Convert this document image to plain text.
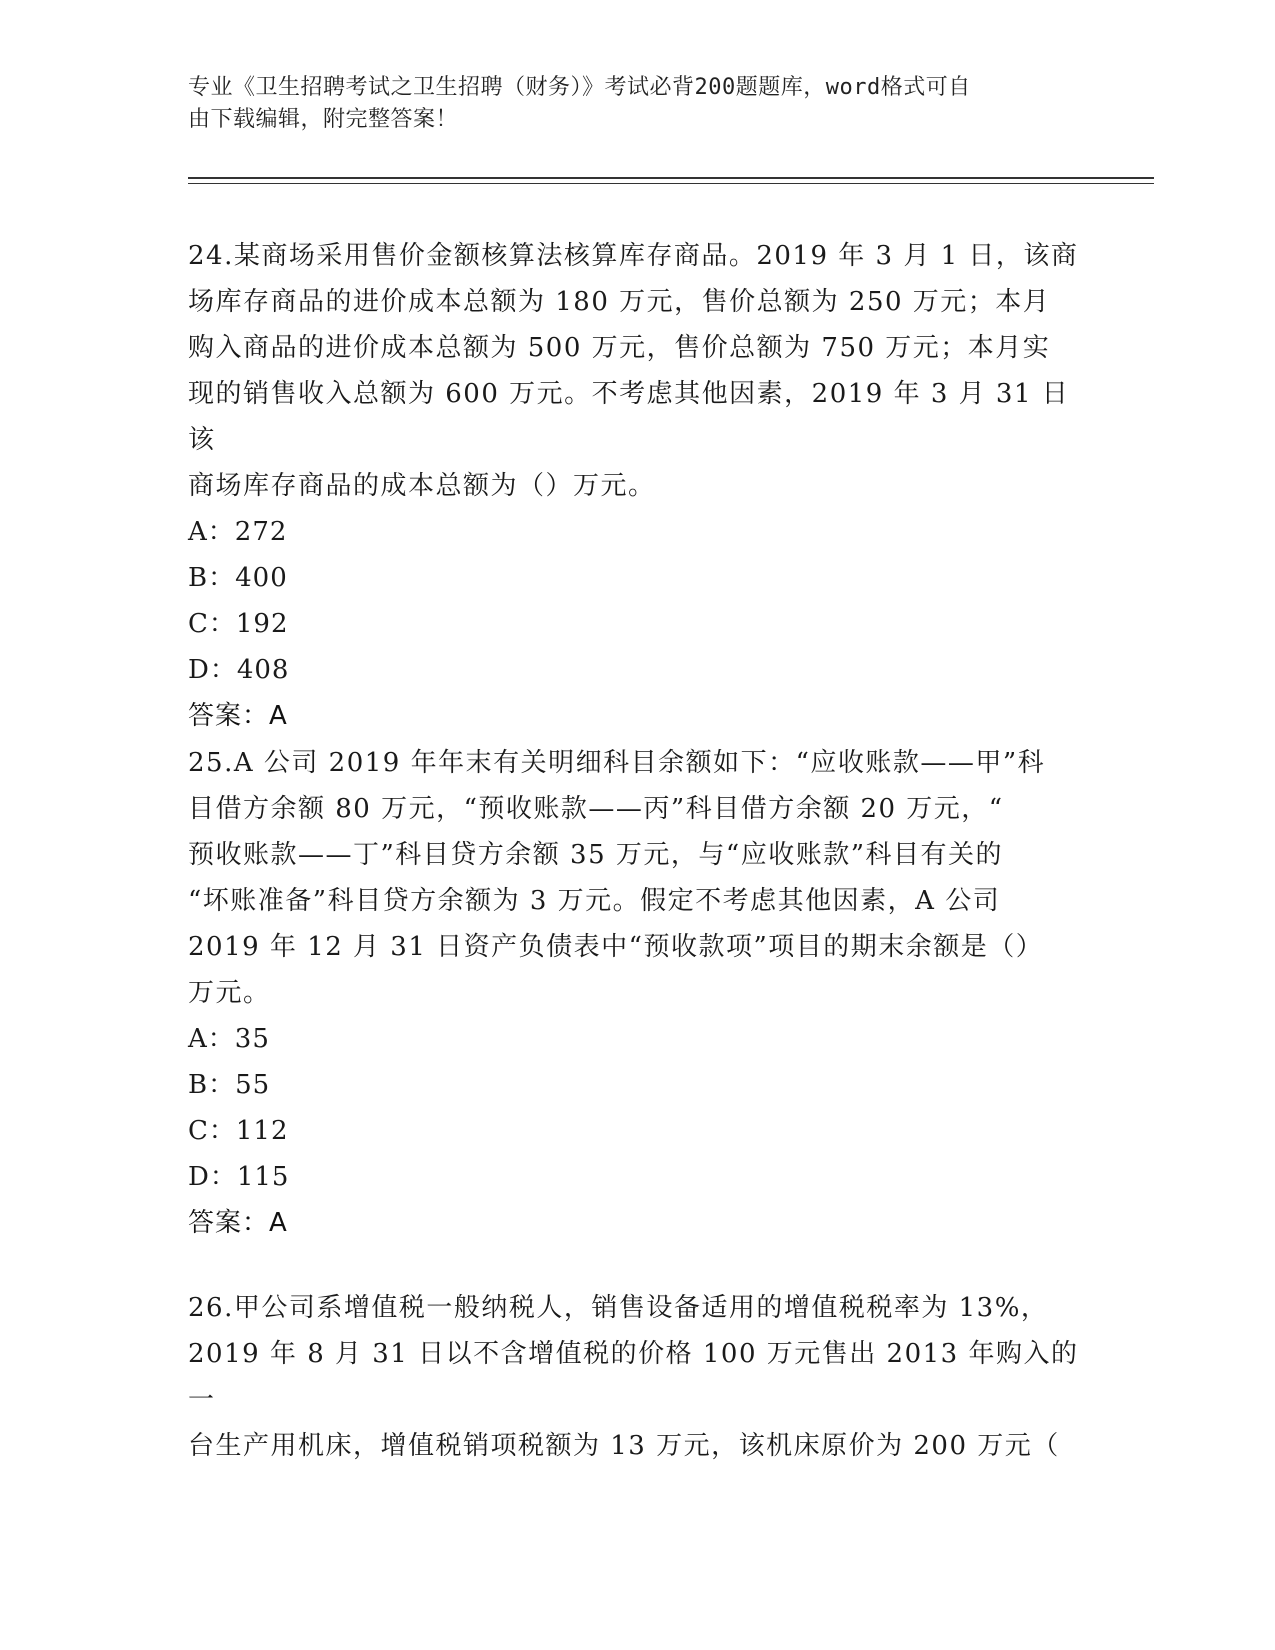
专业《卫生招聘考试之卫生招聘（财务）》考试必背200题题库，word格式可自
由下载编辑，附完整答案！

24.某商场采用售价金额核算法核算库存商品。2019 年 3 月 1 日，该商

场库存商品的进价成本总额为 180 万元，售价总额为 250 万元；本月

购入商品的进价成本总额为 500 万元，售价总额为 750 万元；本月实

现的销售收入总额为 600 万元。不考虑其他因素，2019 年 3 月 31 日该

商场库存商品的成本总额为（）万元。

A：272

B：400

C：192

D：408

答案：A

25.A 公司 2019 年年末有关明细科目余额如下：“应收账款——甲”科

目借方余额 80 万元，“预收账款——丙”科目借方余额 20 万元，“

预收账款——丁”科目贷方余额 35 万元，与“应收账款”科目有关的

“坏账准备”科目贷方余额为 3 万元。假定不考虑其他因素，A 公司

2019 年 12 月 31 日资产负债表中“预收款项”项目的期末余额是（）

万元。

A：35

B：55

C：112

D：115

答案：A

26.甲公司系增值税一般纳税人，销售设备适用的增值税税率为 13%，

2019 年 8 月 31 日以不含增值税的价格 100 万元售出 2013 年购入的一

台生产用机床，增值税销项税额为 13 万元，该机床原价为 200 万元（
